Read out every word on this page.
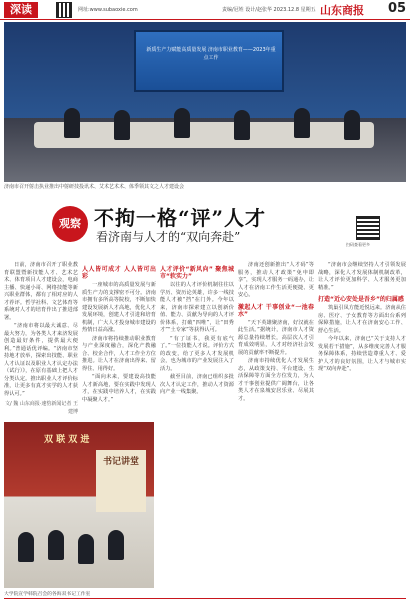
深读	网址:www.subaoxie.com	责编/冠姓 设计/赵张华 2023.12.8 星期五 山东商报 05
新质生产力赋能高质量发展 济南市职业教育——2023年重点工作
济南市召开射击执业推出中射研技投讯术、艾术艺术术、体季领其文之人才建设会
观察 不拘一格“评”人才
看济南与人才的“双向奔赴”
扫码查看更多

日前，济南市召开了职业教育联盟暨新技能人才、艺术艺术、体育项目人才建设会，电商主播、快递小哥、网络技能等新兴职业群体，都有了相对应的人才荐评。哲学社科、文艺体育等系统对人才的培育作出了推进部署。

“济南市将以最大诚意、尽最大努力，为各类人才来济发展创造最好条件，提供最大便利。”普通话优评编。“济南市坚持地才放举，探索出技能、职业人才认证以及职业人才认定办法（试行）》，在原有基础上把人才分类认定。推出职业人才评价标准，让更多有真才实学的人才获得认可。”

文/ 魏 山东商报·速豹新闻记者 王建博
人人皆可成才 人人皆可出彩

一座城市的高质量发展与新质生产力的支撑密不可分。济南市拥有多所高等院校，不断加快建设发展新人才高地，优化人才发展环境，创建人才引进和培育机制，广大人才投身城市建设的热情日益高涨。

济南市将持续推动职业教育与产业深度融合，深化产教融合、校企合作，人才工作全方位推进。让人才在济南出得来、留得住、用得好。

“面向未来，要建设高技能人才新高地，要在实践中发现人才，在实践中培养人才，在实践中凝聚人才。”

人才评价“新风向” 聚焦城市“软实力”

以往的人才评价机制往往以学历、资历论英雄，许多一线技能人才被“挡”在门外。今年以来，济南市探索建立以创新价值、能力、贡献为导向的人才评价体系，打破“四唯”，让“田秀才”“土专家”等获得认可。

“有了证书，我更有底气了。”一位技能人才说。评价方式的改变，给了更多人才发展机会，也为城市的产业发展注入了活力。

截至目前，济南已组织多批次人才认定工作，推动人才资源向产业一线集聚。

济南还创新推出“人才码”等服务，推动人才政策“免申即享”，实现人才服务一码通办，让人才在济南工作生活更便捷、更安心。

激起人才 干事创业“一池春水”

“天下英雄聚济南，好汉就在此生活。”据统计，济南市人才资源总量持续增长，高层次人才引育成效明显，人才对经济社会发展的贡献率不断提升。

济南市持续优化人才发展生态，从政策支持、平台建设、生活保障等方面全方位发力，为人才干事创业提供广阔舞台，让各类人才在泉城安居乐业、尽展其才。

“济南市会继续坚持人才引领发展战略，深化人才发展体制机制改革，让人才评价更加科学、人才服务更加精准。”

打造“近心安处是吾乡”的归属感

筑巢引凤方能近悦远来。济南从住房、医疗、子女教育等方面出台系列保障措施，让人才在济南安心工作、舒心生活。

今年以来，济南已“关于支持人才发展若干措施”，从多维度完善人才服务保障体系，持续营造尊重人才、爱护人才的良好氛围，让人才与城市实现“双向奔赴”。

双 联 双 进
书记讲堂
大学院宣学韩院召会的各海双书记工作室
